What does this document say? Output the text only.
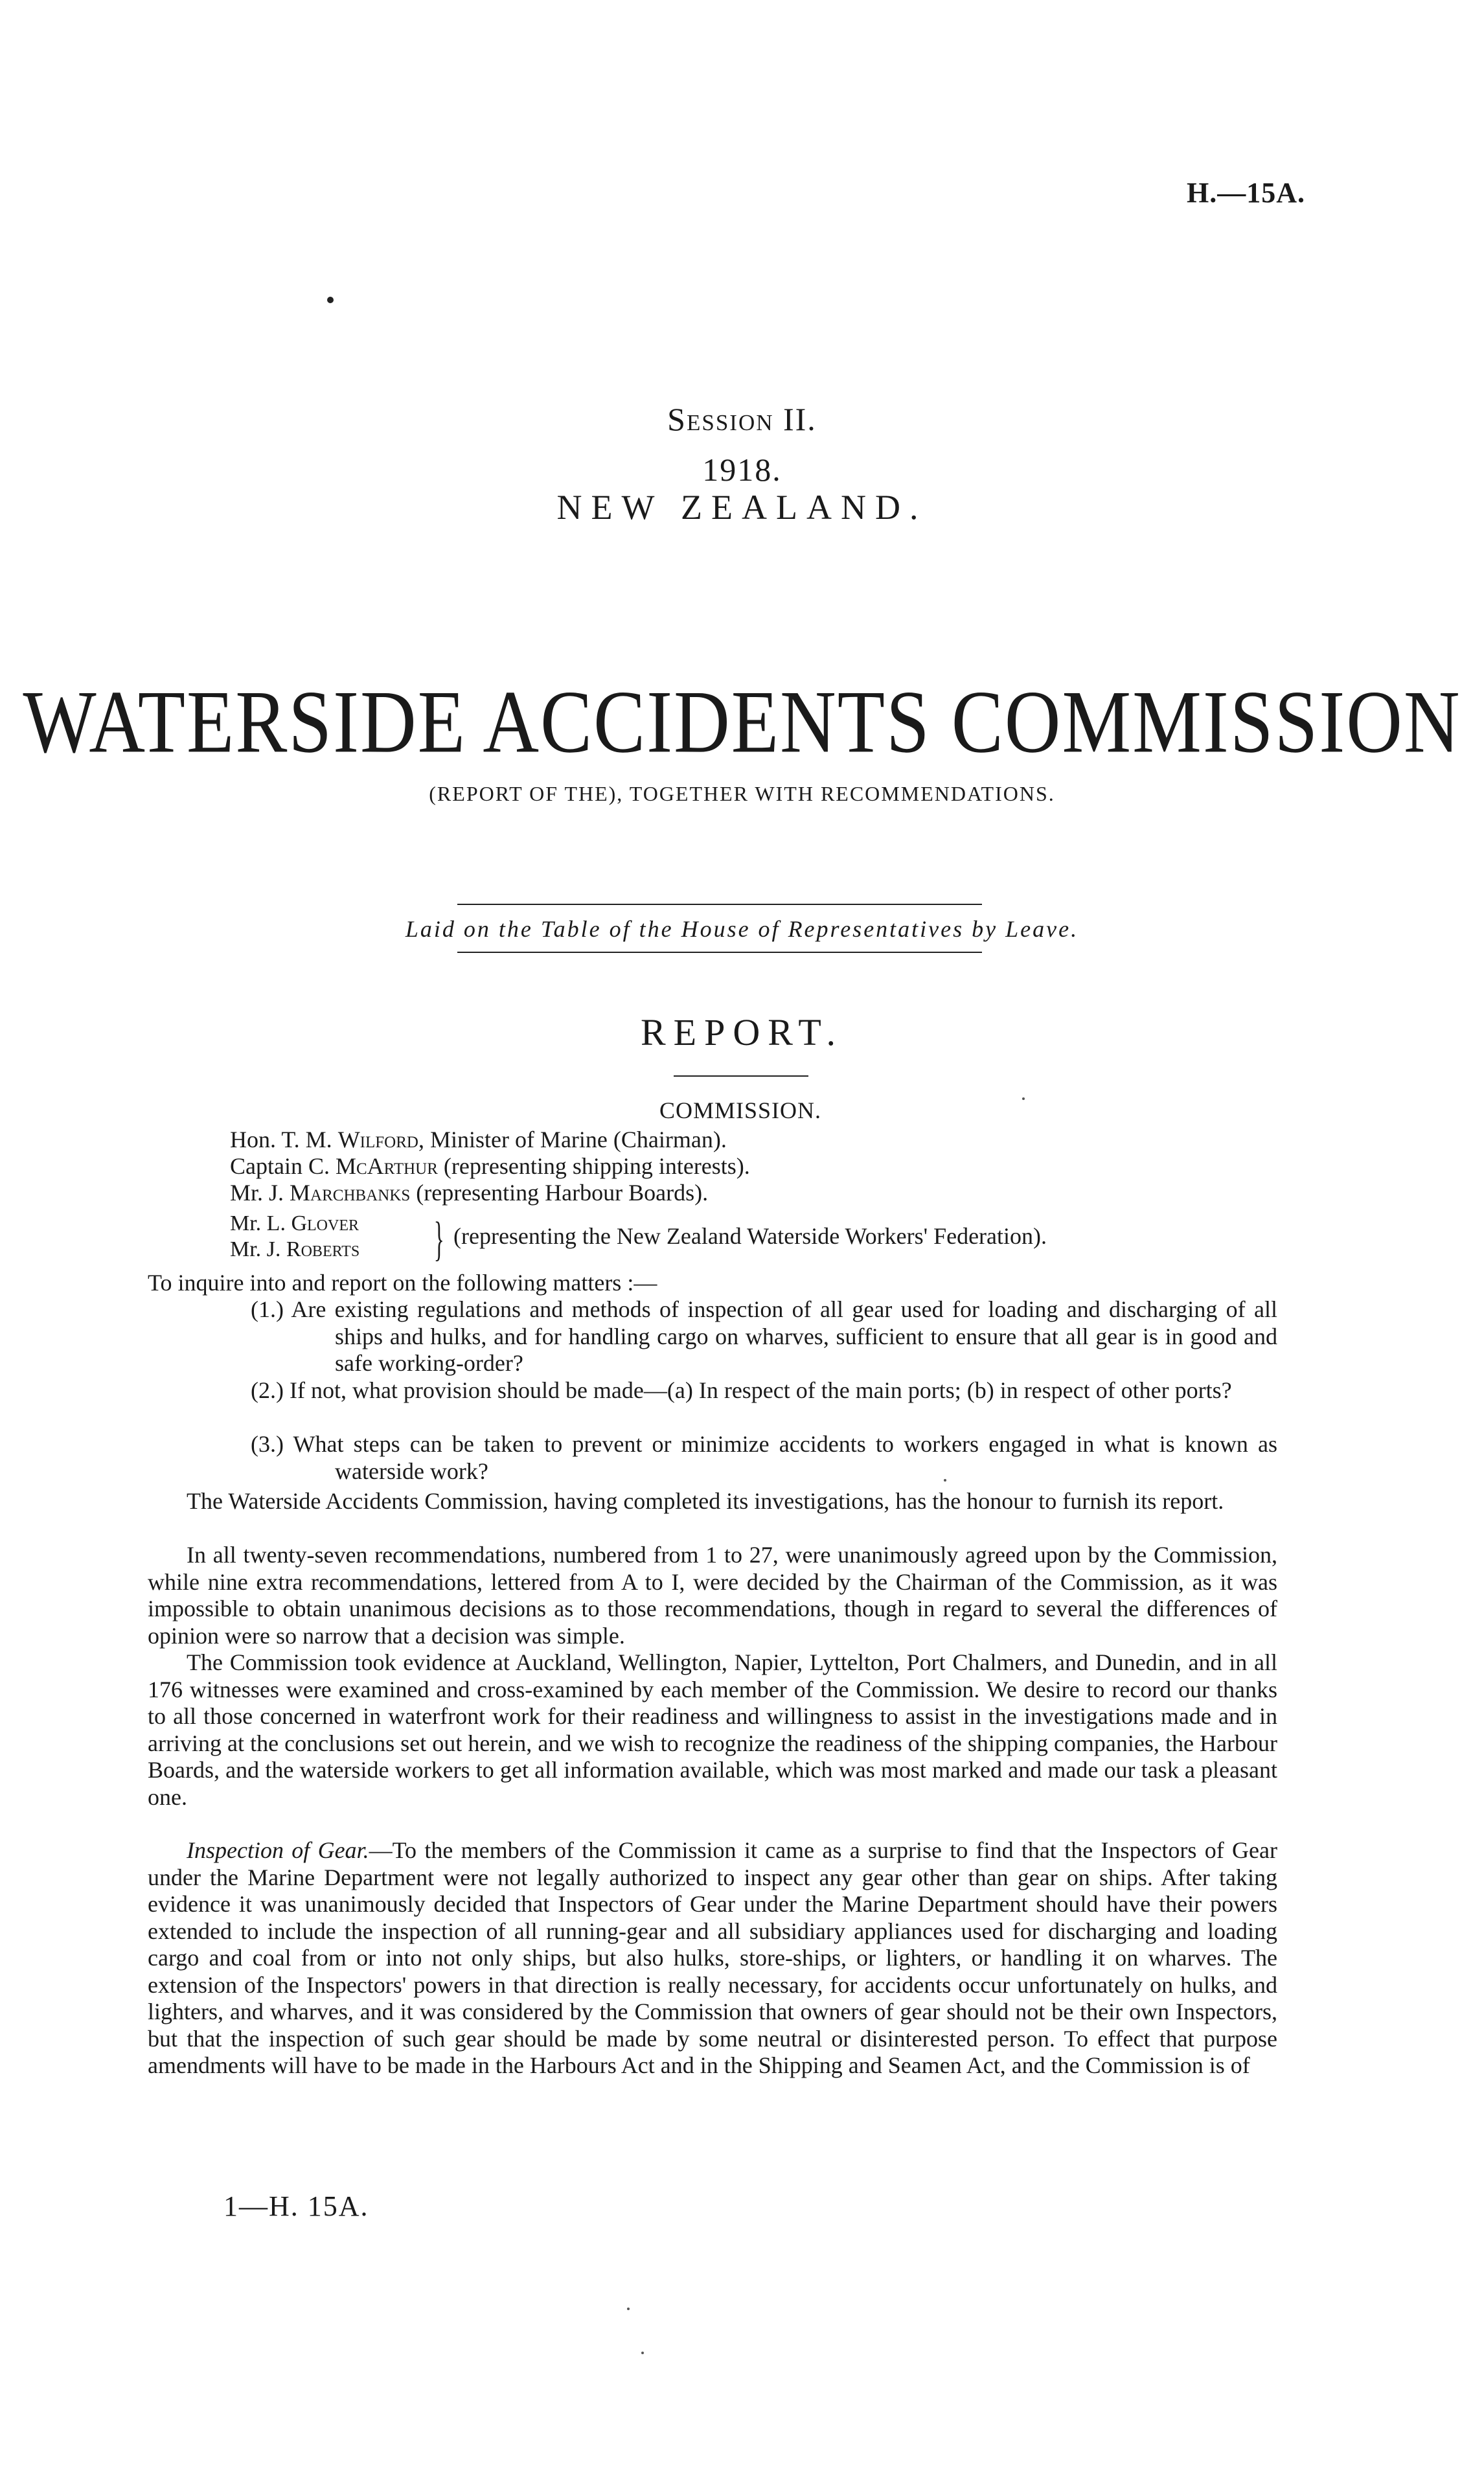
H.—15A.
Session II.
1918.
NEW ZEALAND.
WATERSIDE ACCIDENTS COMMISSION
(REPORT OF THE), TOGETHER WITH RECOMMENDATIONS.
Laid on the Table of the House of Representatives by Leave.
REPORT.
COMMISSION.
Hon. T. M. Wilford, Minister of Marine (Chairman).
Captain C. McArthur (representing shipping interests).
Mr. J. Marchbanks (representing Harbour Boards).
Mr. L. Glover
Mr. J. Roberts } (representing the New Zealand Waterside Workers' Federation).
To inquire into and report on the following matters :—

(1.) Are existing regulations and methods of inspection of all gear used for loading and discharging of all ships and hulks, and for handling cargo on wharves, sufficient to ensure that all gear is in good and safe working-order?

(2.) If not, what provision should be made—(a) In respect of the main ports; (b) in respect of other ports?

(3.) What steps can be taken to prevent or minimize accidents to workers engaged in what is known as waterside work?

The Waterside Accidents Commission, having completed its investigations, has the honour to furnish its report.

In all twenty-seven recommendations, numbered from 1 to 27, were unanimously agreed upon by the Commission, while nine extra recommendations, lettered from A to I, were decided by the Chairman of the Commission, as it was impossible to obtain unanimous decisions as to those recommendations, though in regard to several the differences of opinion were so narrow that a decision was simple.

The Commission took evidence at Auckland, Wellington, Napier, Lyttelton, Port Chalmers, and Dunedin, and in all 176 witnesses were examined and cross-examined by each member of the Commission. We desire to record our thanks to all those concerned in waterfront work for their readiness and willingness to assist in the investigations made and in arriving at the conclusions set out herein, and we wish to recognize the readiness of the shipping companies, the Harbour Boards, and the waterside workers to get all information available, which was most marked and made our task a pleasant one.

Inspection of Gear.—To the members of the Commission it came as a surprise to find that the Inspectors of Gear under the Marine Department were not legally authorized to inspect any gear other than gear on ships. After taking evidence it was unanimously decided that Inspectors of Gear under the Marine Department should have their powers extended to include the inspection of all running-gear and all subsidiary appliances used for discharging and loading cargo and coal from or into not only ships, but also hulks, store-ships, or lighters, or handling it on wharves. The extension of the Inspectors' powers in that direction is really necessary, for accidents occur unfortunately on hulks, and lighters, and wharves, and it was considered by the Commission that owners of gear should not be their own Inspectors, but that the inspection of such gear should be made by some neutral or disinterested person. To effect that purpose amendments will have to be made in the Harbours Act and in the Shipping and Seamen Act, and the Commission is of

1—H. 15A.
